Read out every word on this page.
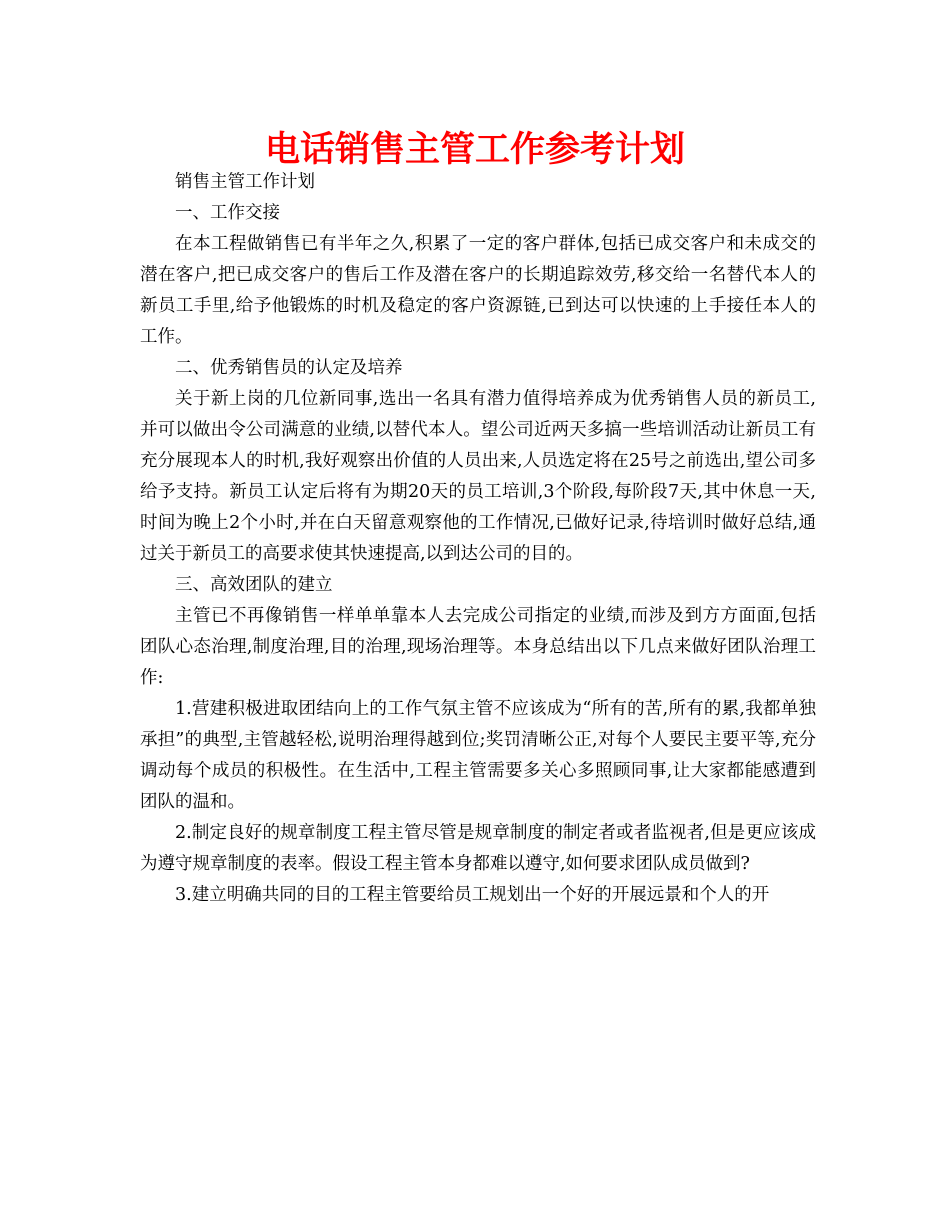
电话销售主管工作参考计划

销售主管工作计划

一、工作交接

在本工程做销售已有半年之久,积累了一定的客户群体,包括已成交客户和未成交的潜在客户,把已成交客户的售后工作及潜在客户的长期追踪效劳,移交给一名替代本人的新员工手里,给予他锻炼的时机及稳定的客户资源链,已到达可以快速的上手接任本人的工作。

二、优秀销售员的认定及培养

关于新上岗的几位新同事,选出一名具有潜力值得培养成为优秀销售人员的新员工,并可以做出令公司满意的业绩,以替代本人。望公司近两天多搞一些培训活动让新员工有充分展现本人的时机,我好观察出价值的人员出来,人员选定将在25号之前选出,望公司多给予支持。新员工认定后将有为期20天的员工培训,3个阶段,每阶段7天,其中休息一天,时间为晚上2个小时,并在白天留意观察他的工作情况,已做好记录,待培训时做好总结,通过关于新员工的高要求使其快速提高,以到达公司的目的。

三、高效团队的建立

主管已不再像销售一样单单靠本人去完成公司指定的业绩,而涉及到方方面面,包括团队心态治理,制度治理,目的治理,现场治理等。本身总结出以下几点来做好团队治理工作:

1.营建积极进取团结向上的工作气氛主管不应该成为“所有的苦,所有的累,我都单独承担”的典型,主管越轻松,说明治理得越到位;奖罚清晰公正,对每个人要民主要平等,充分调动每个成员的积极性。在生活中,工程主管需要多关心多照顾同事,让大家都能感遭到团队的温和。

2.制定良好的规章制度工程主管尽管是规章制度的制定者或者监视者,但是更应该成为遵守规章制度的表率。假设工程主管本身都难以遵守,如何要求团队成员做到?

3.建立明确共同的目的工程主管要给员工规划出一个好的开展远景和个人的开
